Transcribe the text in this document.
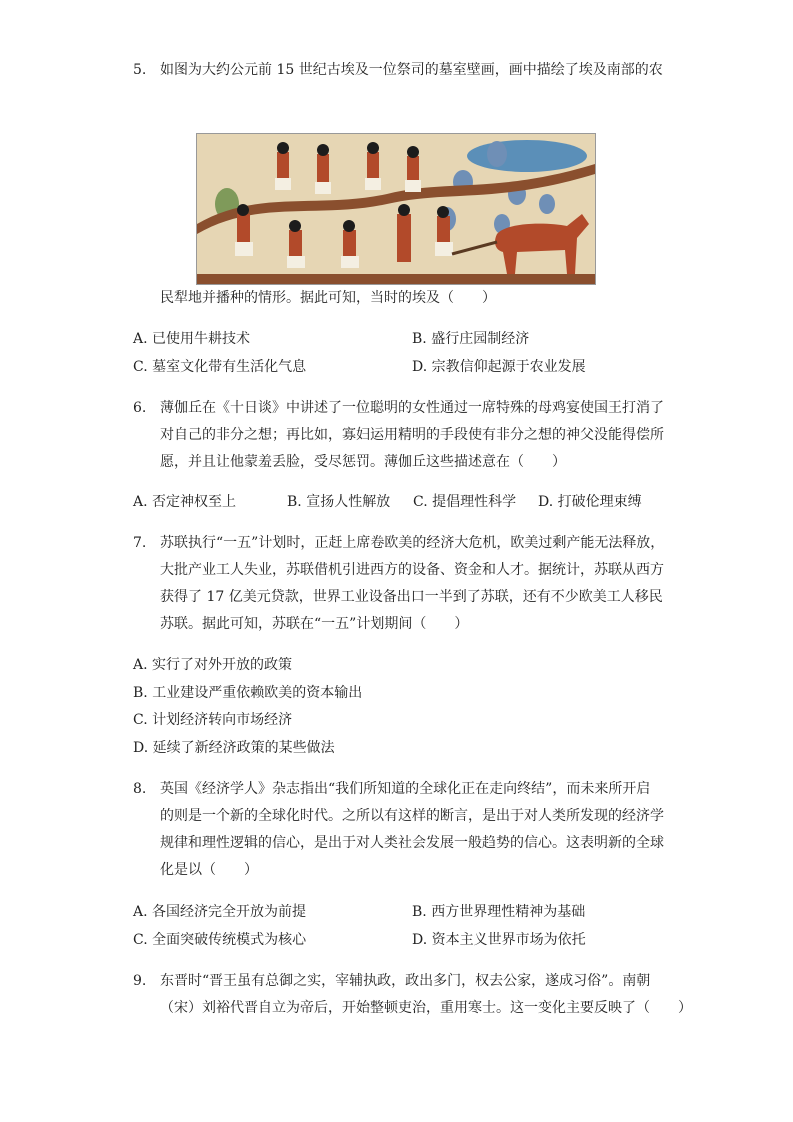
5. 如图为大约公元前 15 世纪古埃及一位祭司的墓室壁画，画中描绘了埃及南部的农
民犁地并播种的情形。据此可知，当时的埃及（　　）
A. 已使用牛耕技术	B. 盛行庄园制经济
C. 墓室文化带有生活化气息	D. 宗教信仰起源于农业发展
6. 薄伽丘在《十日谈》中讲述了一位聪明的女性通过一席特殊的母鸡宴使国王打消了
对自己的非分之想；再比如，寡妇运用精明的手段使有非分之想的神父没能得偿所
愿，并且让他蒙羞丢脸，受尽惩罚。薄伽丘这些描述意在（　　）
A. 否定神权至上	B. 宣扬人性解放 C. 提倡理性科学 D. 打破伦理束缚
7. 苏联执行“一五”计划时，正赶上席卷欧美的经济大危机，欧美过剩产能无法释放，
大批产业工人失业，苏联借机引进西方的设备、资金和人才。据统计，苏联从西方
获得了 17 亿美元贷款，世界工业设备出口一半到了苏联，还有不少欧美工人移民
苏联。据此可知，苏联在“一五”计划期间（　　）
A. 实行了对外开放的政策
B. 工业建设严重依赖欧美的资本输出
C. 计划经济转向市场经济
D. 延续了新经济政策的某些做法
8. 英国《经济学人》杂志指出“我们所知道的全球化正在走向终结”，而未来所开启
的则是一个新的全球化时代。之所以有这样的断言，是出于对人类所发现的经济学
规律和理性逻辑的信心，是出于对人类社会发展一般趋势的信心。这表明新的全球
化是以（　　）
A. 各国经济完全开放为前提	B. 西方世界理性精神为基础
C. 全面突破传统模式为核心	D. 资本主义世界市场为依托
9. 东晋时“晋王虽有总御之实，宰辅执政，政出多门，权去公家，遂成习俗”。南朝
（宋）刘裕代晋自立为帝后，开始整顿吏治，重用寒士。这一变化主要反映了（　　）
